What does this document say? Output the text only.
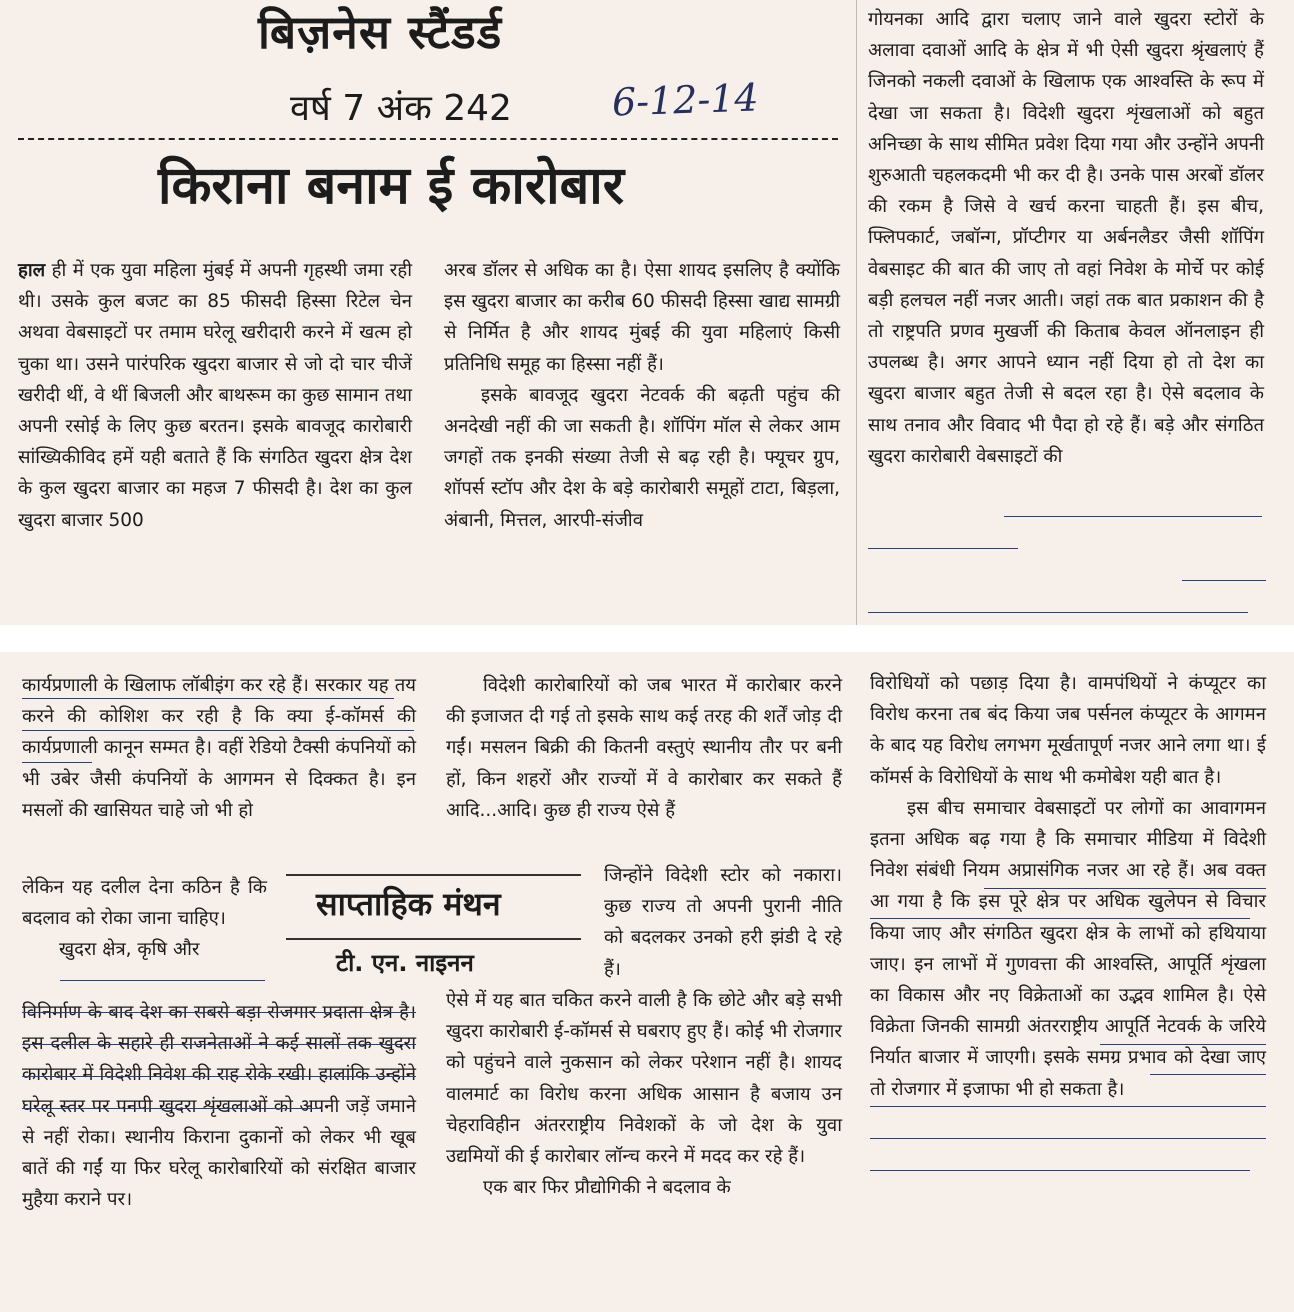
बिज़नेस स्टैंडर्ड
वर्ष 7 अंक 242	6-12-14
किराना बनाम ई कारोबार

हाल ही में एक युवा महिला मुंबई में अपनी गृहस्थी जमा रही थी। उसके कुल बजट का 85 फीसदी हिस्सा रिटेल चेन अथवा वेबसाइटों पर तमाम घरेलू खरीदारी करने में खत्म हो चुका था। उसने पारंपरिक खुदरा बाजार से जो दो चार चीजें खरीदी थीं, वे थीं बिजली और बाथरूम का कुछ सामान तथा अपनी रसोई के लिए कुछ बरतन। इसके बावजूद कारोबारी सांख्यिकीविद हमें यही बताते हैं कि संगठित खुदरा क्षेत्र देश के कुल खुदरा बाजार का महज 7 फीसदी है। देश का कुल खुदरा बाजार 500

अरब डॉलर से अधिक का है। ऐसा शायद इसलिए है क्योंकि इस खुदरा बाजार का करीब 60 फीसदी हिस्सा खाद्य सामग्री से निर्मित है और शायद मुंबई की युवा महिलाएं किसी प्रतिनिधि समूह का हिस्सा नहीं हैं।

इसके बावजूद खुदरा नेटवर्क की बढ़ती पहुंच की अनदेखी नहीं की जा सकती है। शॉपिंग मॉल से लेकर आम जगहों तक इनकी संख्या तेजी से बढ़ रही है। फ्यूचर ग्रुप, शॉपर्स स्टॉप और देश के बड़े कारोबारी समूहों टाटा, बिड़ला, अंबानी, मित्तल, आरपी-संजीव

गोयनका आदि द्वारा चलाए जाने वाले खुदरा स्टोरों के अलावा दवाओं आदि के क्षेत्र में भी ऐसी खुदरा श्रृंखलाएं हैं जिनको नकली दवाओं के खिलाफ एक आश्वस्ति के रूप में देखा जा सकता है। विदेशी खुदरा शृंखलाओं को बहुत अनिच्छा के साथ सीमित प्रवेश दिया गया और उन्होंने अपनी शुरुआती चहलकदमी भी कर दी है। उनके पास अरबों डॉलर की रकम है जिसे वे खर्च करना चाहती हैं। इस बीच, फ्लिपकार्ट, जबॉन्ग, प्रॉप्टीगर या अर्बनलैडर जैसी शॉपिंग वेबसाइट की बात की जाए तो वहां निवेश के मोर्चे पर कोई बड़ी हलचल नहीं नजर आती। जहां तक बात प्रकाशन की है तो राष्ट्रपति प्रणव मुखर्जी की किताब केवल ऑनलाइन ही उपलब्ध है। अगर आपने ध्यान नहीं दिया हो तो देश का खुदरा बाजार बहुत तेजी से बदल रहा है। ऐसे बदलाव के साथ तनाव और विवाद भी पैदा हो रहे हैं। बड़े और संगठित खुदरा कारोबारी वेबसाइटों की

कार्यप्रणाली के खिलाफ लॉबीइंग कर रहे हैं। सरकार यह तय करने की कोशिश कर रही है कि क्या ई-कॉमर्स की कार्यप्रणाली कानून सम्मत है। वहीं रेडियो टैक्सी कंपनियों को भी उबेर जैसी कंपनियों के आगमन से दिक्कत है। इन मसलों की खासियत चाहे जो भी हो

लेकिन यह दलील देना कठिन है कि बदलाव को रोका जाना चाहिए।

खुदरा क्षेत्र, कृषि और

विनिर्माण के बाद देश का सबसे बड़ा रोजगार प्रदाता क्षेत्र है। इस दलील के सहारे ही राजनेताओं ने कई सालों तक खुदरा कारोबार में विदेशी निवेश की राह रोके रखी। हालांकि उन्होंने घरेलू स्तर पर पनपी खुदरा शृंखलाओं को अपनी जड़ें जमाने से नहीं रोका। स्थानीय किराना दुकानों को लेकर भी खूब बातें की गईं या फिर घरेलू कारोबारियों को संरक्षित बाजार मुहैया कराने पर।

साप्ताहिक मंथन
टी. एन. नाइनन

विदेशी कारोबारियों को जब भारत में कारोबार करने की इजाजत दी गई तो इसके साथ कई तरह की शर्तें जोड़ दी गईं। मसलन बिक्री की कितनी वस्तुएं स्थानीय तौर पर बनी हों, किन शहरों और राज्यों में वे कारोबार कर सकते हैं आदि...आदि। कुछ ही राज्य ऐसे हैं

जिन्होंने विदेशी स्टोर को नकारा। कुछ राज्य तो अपनी पुरानी नीति को बदलकर उनको हरी झंडी दे रहे हैं।

ऐसे में यह बात चकित करने वाली है कि छोटे और बड़े सभी खुदरा कारोबारी ई-कॉमर्स से घबराए हुए हैं। कोई भी रोजगार को पहुंचने वाले नुकसान को लेकर परेशान नहीं है। शायद वालमार्ट का विरोध करना अधिक आसान है बजाय उन चेहराविहीन अंतरराष्ट्रीय निवेशकों के जो देश के युवा उद्यमियों की ई कारोबार लॉन्च करने में मदद कर रहे हैं।

एक बार फिर प्रौद्योगिकी ने बदलाव के

विरोधियों को पछाड़ दिया है। वामपंथियों ने कंप्यूटर का विरोध करना तब बंद किया जब पर्सनल कंप्यूटर के आगमन के बाद यह विरोध लगभग मूर्खतापूर्ण नजर आने लगा था। ई कॉमर्स के विरोधियों के साथ भी कमोबेश यही बात है।

इस बीच समाचार वेबसाइटों पर लोगों का आवागमन इतना अधिक बढ़ गया है कि समाचार मीडिया में विदेशी निवेश संबंधी नियम अप्रासंगिक नजर आ रहे हैं। अब वक्त आ गया है कि इस पूरे क्षेत्र पर अधिक खुलेपन से विचार किया जाए और संगठित खुदरा क्षेत्र के लाभों को हथियाया जाए। इन लाभों में गुणवत्ता की आश्वस्ति, आपूर्ति शृंखला का विकास और नए विक्रेताओं का उद्भव शामिल है। ऐसे विक्रेता जिनकी सामग्री अंतरराष्ट्रीय आपूर्ति नेटवर्क के जरिये निर्यात बाजार में जाएगी। इसके समग्र प्रभाव को देखा जाए तो रोजगार में इजाफा भी हो सकता है।
